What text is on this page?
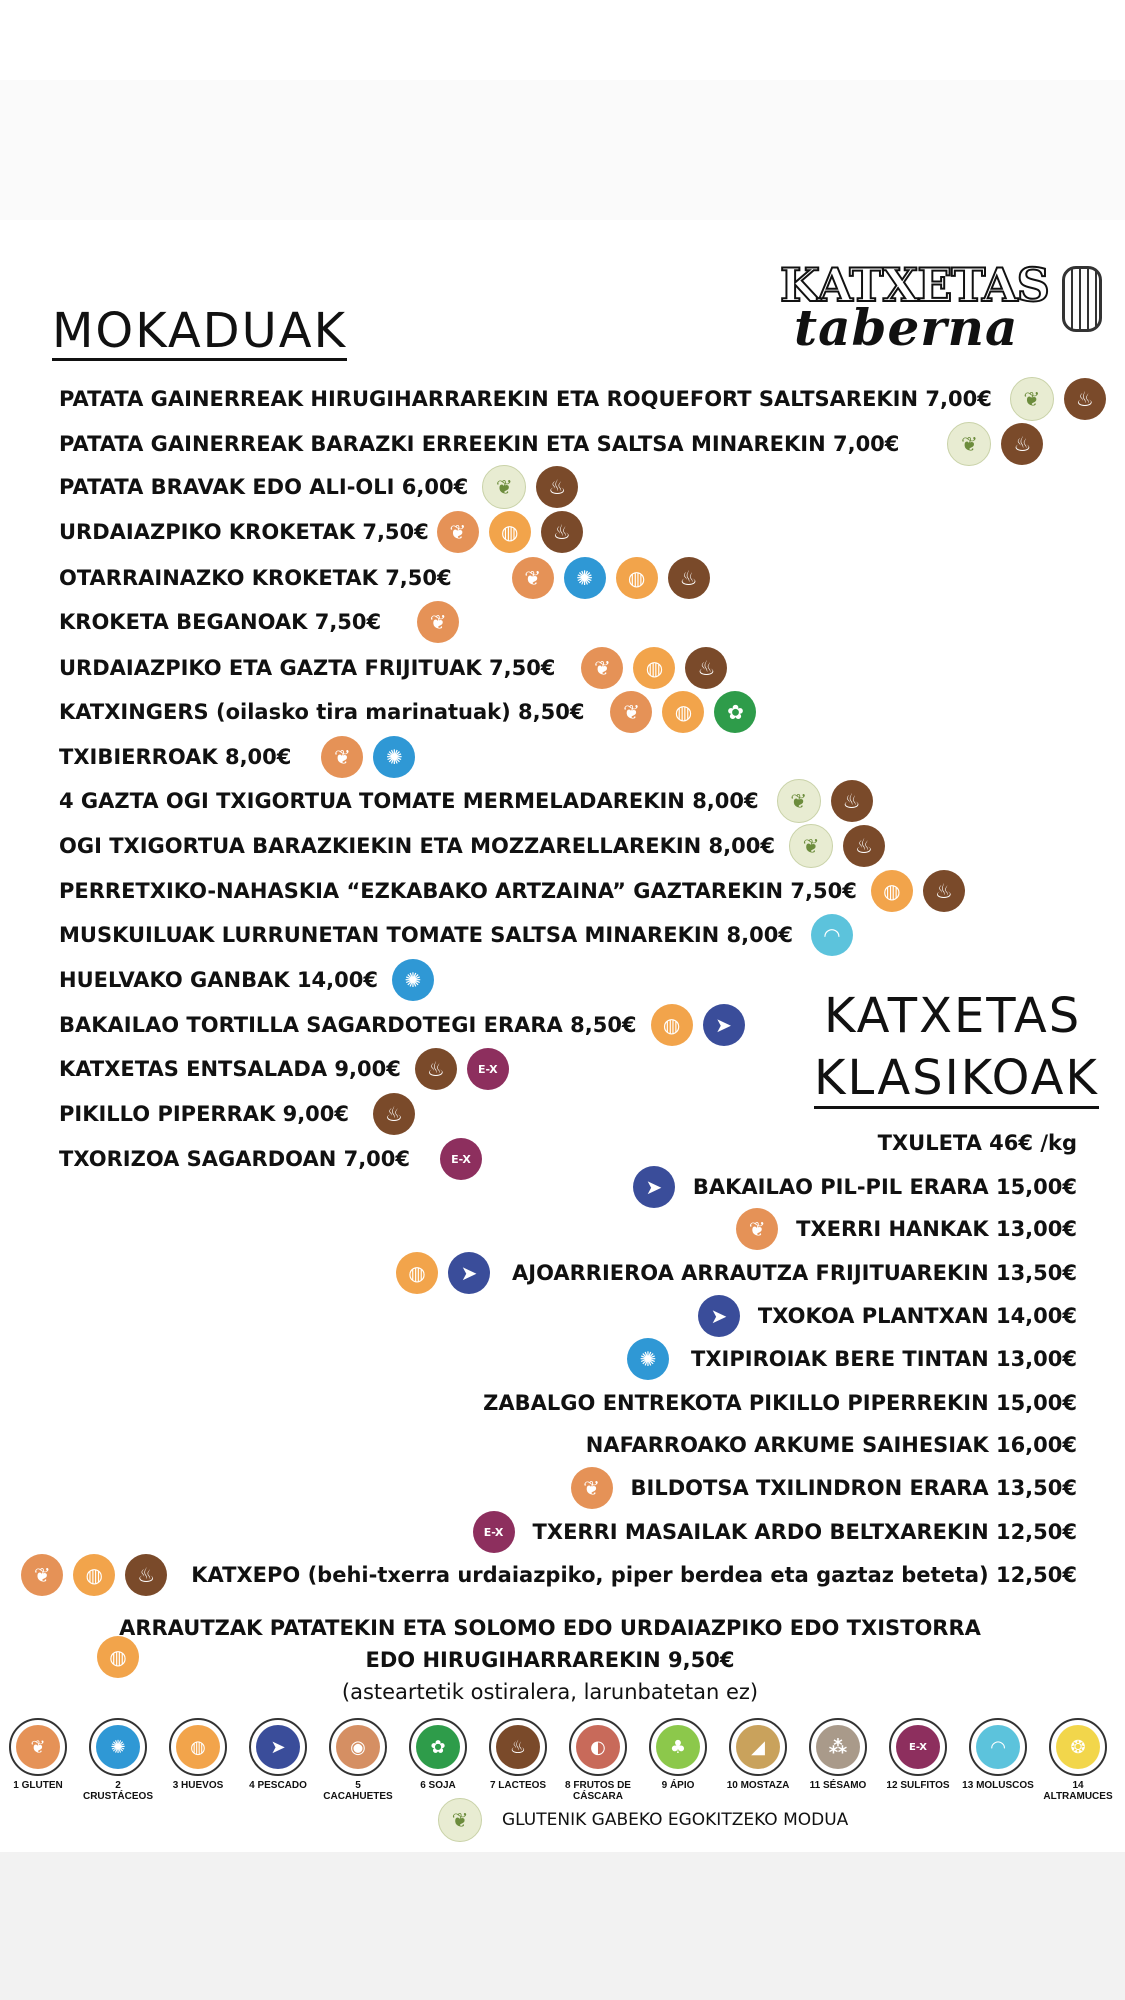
KATXETAS
taberna
MOKADUAK
KATXETAS
KLASIKOAK
PATATA GAINERREAK HIRUGIHARRAREKIN ETA ROQUEFORT SALTSAREKIN 7,00€	❦	♨
PATATA GAINERREAK BARAZKI ERREEKIN ETA SALTSA MINAREKIN 7,00€	❦	♨
PATATA BRAVAK EDO ALI-OLI 6,00€	❦	♨
URDAIAZPIKO KROKETAK 7,50€	❦	◍	♨
OTARRAINAZKO KROKETAK 7,50€	❦	✺	◍	♨
KROKETA BEGANOAK 7,50€	❦
URDAIAZPIKO ETA GAZTA FRIJITUAK 7,50€	❦	◍	♨
KATXINGERS (oilasko tira marinatuak) 8,50€	❦	◍	✿
TXIBIERROAK 8,00€	❦	✺
4 GAZTA OGI TXIGORTUA TOMATE MERMELADAREKIN 8,00€	❦	♨
OGI TXIGORTUA BARAZKIEKIN ETA MOZZARELLAREKIN 8,00€	❦	♨
PERRETXIKO-NAHASKIA “EZKABAKO ARTZAINA” GAZTAREKIN 7,50€	◍	♨
MUSKUILUAK LURRUNETAN TOMATE SALTSA MINAREKIN 8,00€	◠
HUELVAKO GANBAK 14,00€	✺
BAKAILAO TORTILLA SAGARDOTEGI ERARA 8,50€	◍	➤
KATXETAS ENTSALADA 9,00€	♨	E-X
PIKILLO PIPERRAK 9,00€	♨
TXORIZOA SAGARDOAN 7,00€	E-X
TXULETA 46€ /kg
➤	BAKAILAO PIL-PIL ERARA 15,00€
❦	TXERRI HANKAK 13,00€
◍	➤	AJOARRIEROA ARRAUTZA FRIJITUAREKIN 13,50€
➤	TXOKOA PLANTXAN 14,00€
✺	TXIPIROIAK BERE TINTAN 13,00€
ZABALGO ENTREKOTA PIKILLO PIPERREKIN 15,00€
NAFARROAKO ARKUME SAIHESIAK 16,00€
❦	BILDOTSA TXILINDRON ERARA 13,50€
E-X	TXERRI MASAILAK ARDO BELTXAREKIN 12,50€
❦	◍	♨	KATXEPO (behi-txerra urdaiazpiko, piper berdea eta gaztaz beteta) 12,50€
◍
ARRAUTZAK PATATEKIN ETA SOLOMO EDO URDAIAZPIKO EDO TXISTORRA
EDO HIRUGIHARRAREKIN 9,50€
(asteartetik ostiralera, larunbatetan ez)
❦
1 GLUTEN
✺
2 CRUSTÁCEOS
◍
3 HUEVOS
➤
4 PESCADO
◉
5 CACAHUETES
✿
6 SOJA
♨
7 LACTEOS
◐
8 FRUTOS DE CÁSCARA
♣
9 ÁPIO
◢
10 MOSTAZA
⁂
11 SÉSAMO
E-X
12 SULFITOS
◠
13 MOLUSCOS
❂
14 ALTRAMUCES
❦	GLUTENIK GABEKO EGOKITZEKO MODUA
